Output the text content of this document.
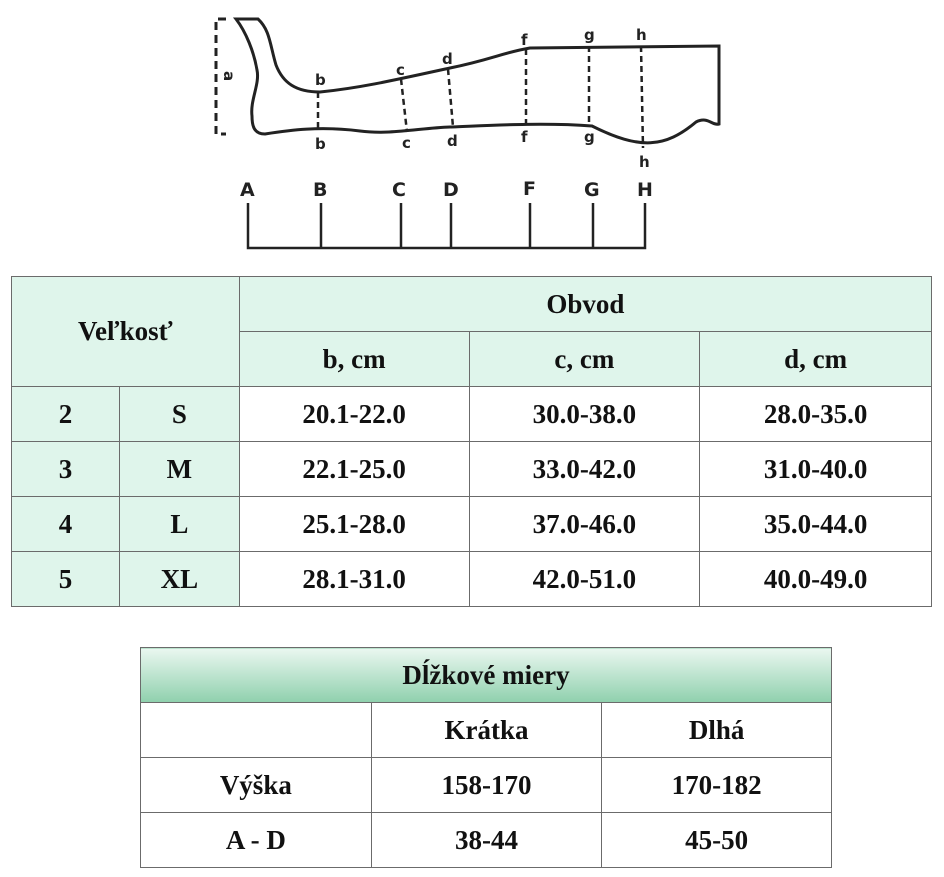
a	b
c
d
f	g	h
b	c d	f	g
h
A	B	C D	F	G H
Veľkosť		Obvod		
		b, cm	c, cm	d, cm
2	S	20.1-22.0	30.0-38.0	28.0-35.0
3	M	22.1-25.0	33.0-42.0	31.0-40.0
4	L	25.1-28.0	37.0-46.0	35.0-44.0
5	XL	28.1-31.0	42.0-51.0	40.0-49.0
Dĺžkové miery		
	Krátka	Dlhá
Výška	158-170	170-182
A - D	38-44	45-50
